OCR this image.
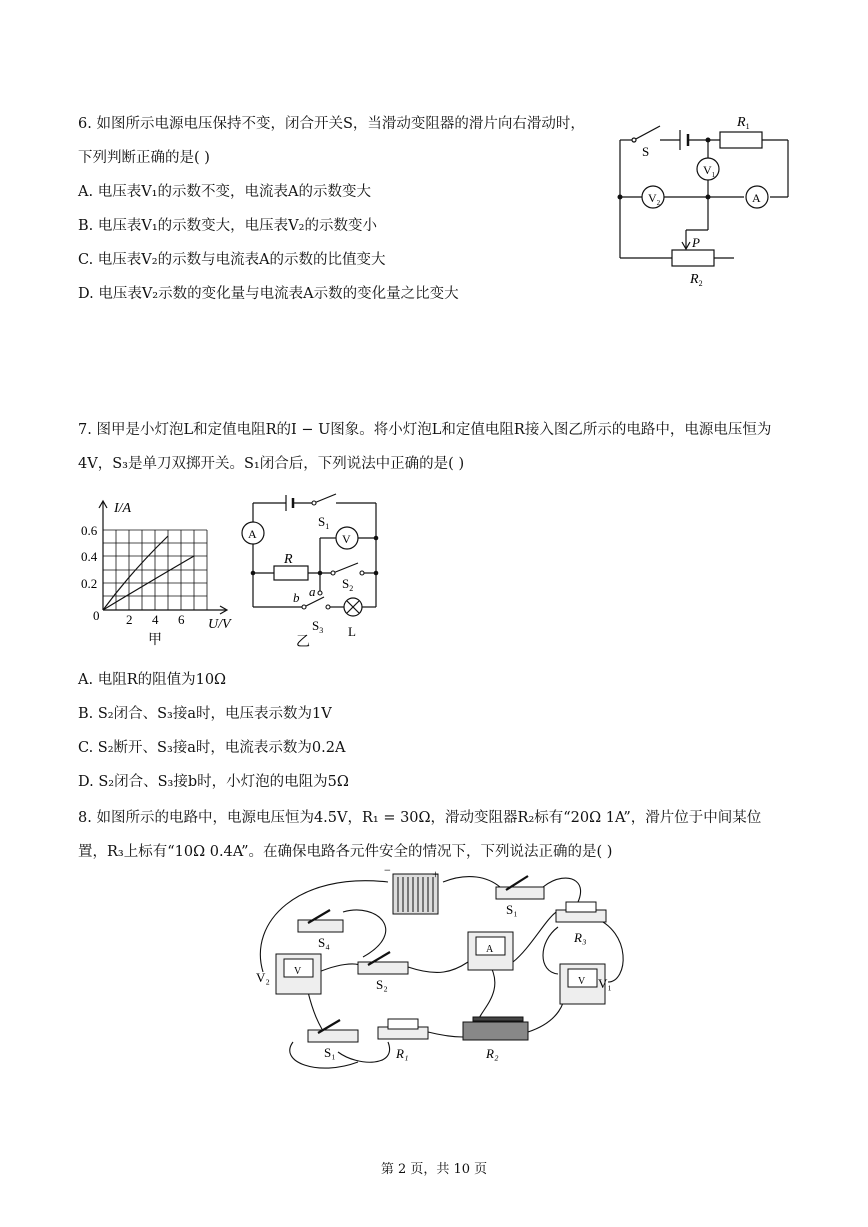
6. 如图所示电源电压保持不变，闭合开关S，当滑动变阻器的滑片向右滑动时，
下列判断正确的是( )
A. 电压表V₁的示数不变，电流表A的示数变大
B. 电压表V₁的示数变大，电压表V₂的示数变小
C. 电压表V₂的示数与电流表A的示数的比值变大
D. 电压表V₂示数的变化量与电流表A示数的变化量之比变大
$V_1$
$V_2$	A
S
$R_1$
P
$R_2$
7. 图甲是小灯泡L和定值电阻R的I − U图象。将小灯泡L和定值电阻R接入图乙所示的电路中，电源电压恒为
4V，S₃是单刀双掷开关。S₁闭合后，下列说法中正确的是( )
I/A
U/V
0.6
0.4
0.2
0 2 4 6
甲
A	V
R
$S_1$
$S_2$
$S_3$
a
b
L
乙
A. 电阻R的阻值为10Ω
B. S₂闭合、S₃接a时，电压表示数为1V
C. S₂断开、S₃接a时，电流表示数为0.2A
D. S₂闭合、S₃接b时，小灯泡的电阻为5Ω
8. 如图所示的电路中，电源电压恒为4.5V，R₁ = 30Ω，滑动变阻器R₂标有“20Ω 1A”，滑片位于中间某位
置，R₃上标有“10Ω 0.4A”。在确保电路各元件安全的情况下，下列说法正确的是( )
−	+
S₁
S₄
S₂
S₁
R₃
R₁	R₂
A
V
V₂	V V₁
第 2 页，共 10 页
